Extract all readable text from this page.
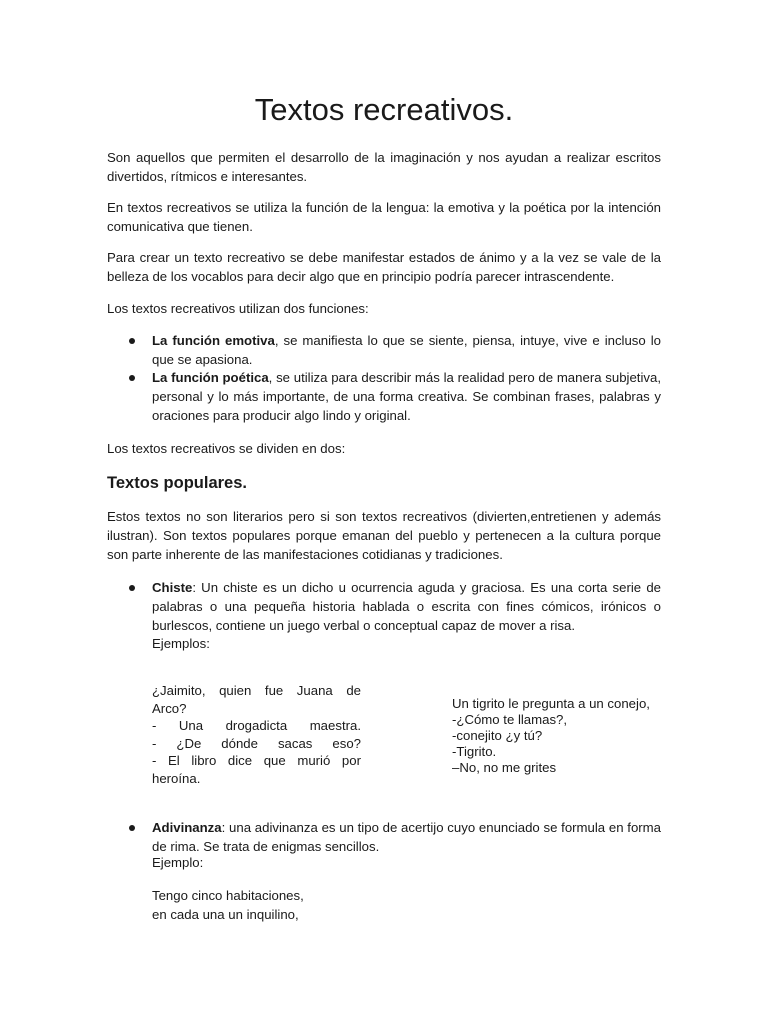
Textos recreativos.

Son aquellos que permiten el desarrollo de la imaginación y nos ayudan a realizar escritos divertidos, rítmicos e interesantes.

En textos recreativos se utiliza la función de la lengua: la emotiva y la poética por la intención comunicativa que tienen.

Para crear un texto recreativo se debe manifestar estados de ánimo y a la vez se vale de la belleza de los vocablos para decir algo que en principio podría parecer intrascendente.

Los textos recreativos utilizan dos funciones:

La función emotiva, se manifiesta lo que se siente, piensa, intuye, vive e incluso lo que se apasiona.

La función poética, se utiliza para describir más la realidad pero de manera subjetiva, personal y lo más importante, de una forma creativa. Se combinan frases, palabras y oraciones para producir algo lindo y original.

Los textos recreativos se dividen en dos:

Textos populares.

Estos textos no son literarios pero si son textos recreativos (divierten,entretienen y además ilustran). Son textos populares porque emanan del pueblo y pertenecen a la cultura porque son parte inherente de las manifestaciones cotidianas y tradiciones.

Chiste: Un chiste es un dicho u ocurrencia aguda y graciosa. Es una corta serie de palabras o una pequeña historia hablada o escrita con fines cómicos, irónicos o burlescos, contiene un juego verbal o conceptual capaz de mover a risa.

Ejemplos:

¿Jaimito, quien fue Juana de
Arco?
- Una drogadicta maestra.
- ¿De dónde sacas eso?
- El libro dice que murió por
heroína.
Un tigrito le pregunta a un conejo,
-¿Cómo te llamas?,
-conejito ¿y tú?
-Tigrito.
–No, no me grites

Adivinanza: una adivinanza es un tipo de acertijo cuyo enunciado se formula en forma de rima. Se trata de enigmas sencillos.

Ejemplo:

Tengo cinco habitaciones,
en cada una un inquilino,
